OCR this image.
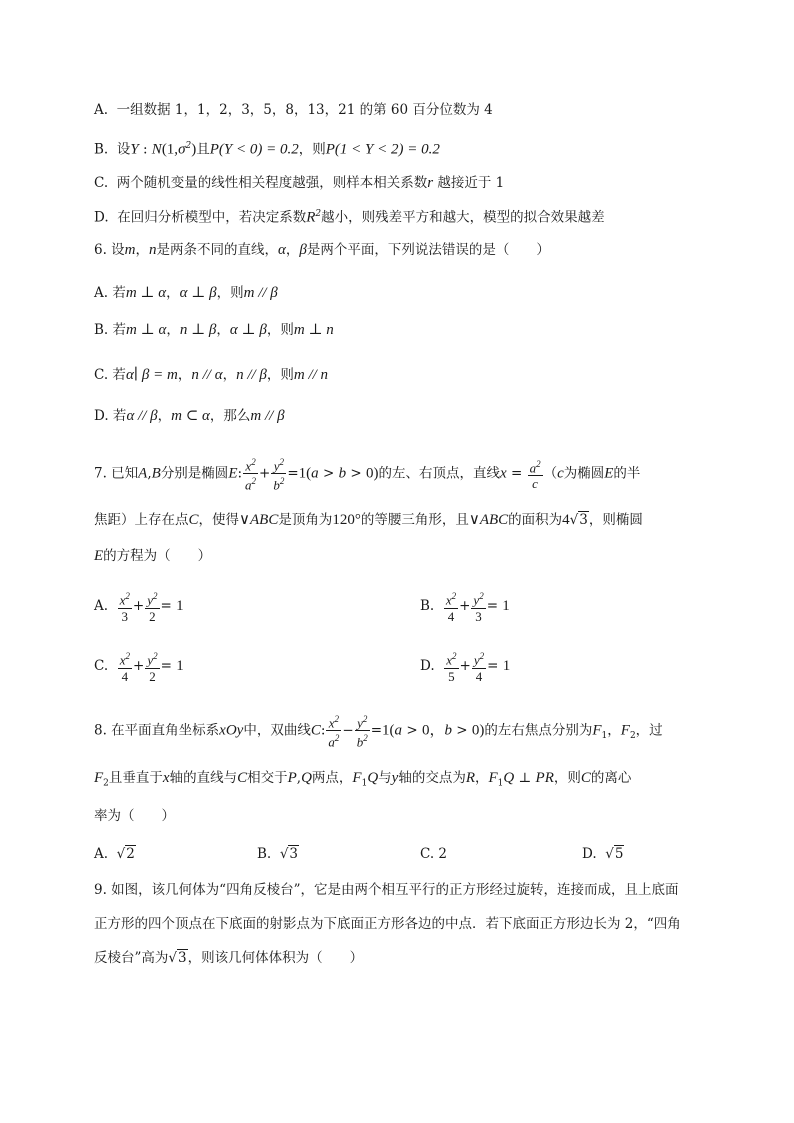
A. 一组数据 1，1，2，3，5，8，13，21 的第 60 百分位数为 4
B. 设Y : $N(1,\sigma^2)$且P(Y < 0) = 0.2，则P(1 < Y < 2) = 0.2
C. 两个随机变量的线性相关程度越强，则样本相关系数r 越接近于 1
D. 在回归分析模型中，若决定系数$R^2$越小，则残差平方和越大，模型的拟合效果越差
6. 设m，n是两条不同的直线，α，β是两个平面，下列说法错误的是（　　）
A. 若m ⊥ α，α ⊥ β，则m // β
B. 若m ⊥ α，n ⊥ β，α ⊥ β，则m ⊥ n
C. 若α∣ β = m，n // α，n // β，则m // n
D. 若α // β，m ⊂ α，那么m // β
7. 已知A,B分别是椭圆E: $\frac{x^2}{a^2} + \frac{y^2}{b^2} =1(a > b > 0)$的左、右顶点，直线$x = \frac{a^2}{c} (c$为椭圆E的半
焦距）上存在点C，使得∨ABC是顶角为120°的等腰三角形，且∨ABC的面积为4√3，则椭圆
E的方程为（　　）
A. $\frac{x^2}{3} + \frac{y^2}{2} = 1$	B. $\frac{x^2}{4} + \frac{y^2}{3} = 1$
C. $\frac{x^2}{4} + \frac{y^2}{2} = 1$	D. $\frac{x^2}{5} + \frac{y^2}{4} = 1$
8. 在平面直角坐标系xOy中，双曲线C: $\frac{x^2}{a^2} - \frac{y^2}{b^2} =1(a > 0$，b > 0)的左右焦点分别为$F_1$，$F_2$，过
$F_2$且垂直于x轴的直线与C相交于P,Q两点，$F_1Q$与y轴的交点为R，$F_1Q$ ⊥ PR，则C的离心
率为（　　）
A. √2	B. √3	C. 2	D. √5
9. 如图，该几何体为“四角反棱台”，它是由两个相互平行的正方形经过旋转，连接而成，且上底面
正方形的四个顶点在下底面的射影点为下底面正方形各边的中点．若下底面正方形边长为 2，“四角
反棱台”高为√3，则该几何体体积为（　　）
